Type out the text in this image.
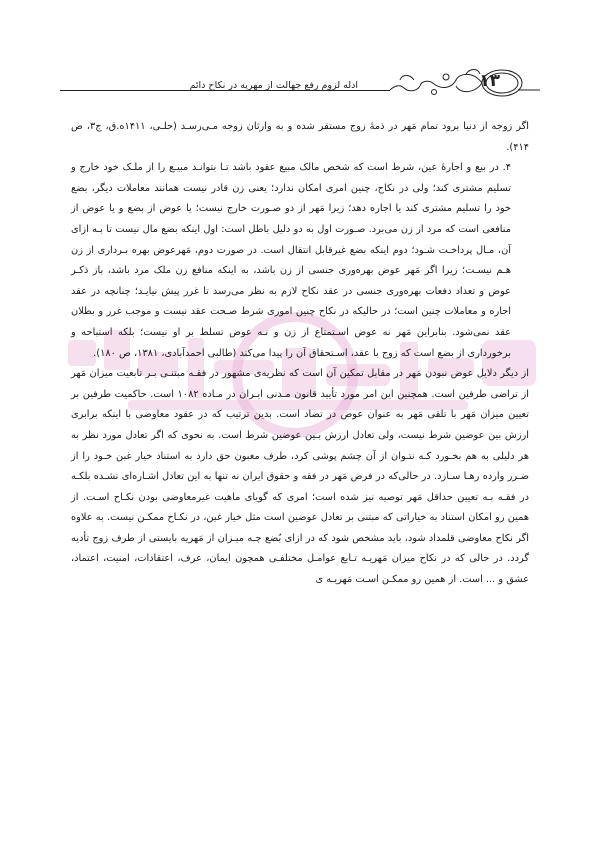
۱۳
ادله لزوم رفع جهالت از مهریه در نکاح دائم

اگر زوجه از دنیا برود تمام مَهر در ذمهٔ زوج مستقر شده و به وارثان زوجه مـی‌رسـد (حلـی، ۱۴۱۱ه.ق، ج۳، ص ۴۱۴).

۴. در بیع و اجارهٔ عین، شرط است که شخص مالک مبیع عقود باشد تـا بتوانـد مبیـع را از ملـک خود خارج و تسلیم مشتری کند؛ ولی در نکاح، چنین امری امکان ندارد؛ یعنی زن قادر نیست همانند معاملات دیگر، بضع خود را تسلیم مشتری کند یا اجاره دهد؛ زیرا مَهر از دو صـورت خارج نیست؛ یا عوض از بضع و یا عوض از منافعی است که مرد از زن می‌برد. صـورت اول به دو دلیل باطل است: اول اینکه بضع مال نیست تا بـه ازای آن، مـال پرداخـت شـود؛ دوم اینکه بضع غیرقابل انتقال است. در صورت دوم، مَهرعوض بهره بـرداری از زن هـم نیسـت؛ زیرا اگر مَهر عوض بهره‌وری جنسی از زن باشد، به اینکه منافع زن ملک مرد باشد، باز ذکـر عوض و تعداد دفعات بهره‌وری جنسی در عقد نکاح لازم به نظر می‌رسد تا غرر پیش نیایـد؛ چنانچه در عقد اجاره و معاملات چنین است؛ در حالیکه در نکاح چنین اموری شرط صـحت عقد نیست و موجب غرر و بطلان عقد نمی‌شود. بنابراین مَهر نه عوض اسـتمتاع از زن و نـه عوض تسلط بر او نیست؛ بلکه استباحه و برخورداری از بضع است که زوج با عقد، اسـتحقاق آن را پیدا می‌کند (طالبی احمدآبادی، ۱۳۸۱، ص ۱۸۰).

از دیگر دلایل عوض نبودن مَهر در مقابل تمکین آن است که نظریه‌ی مشهور در فقـه مبتنـی بـر تابعیت میزان مَهر از تراضی طرفین است. همچنین این امر مورد تأیید قانون مـدنی ایـران در مـاده ۱۰۸۲ است. حاکمیت طرفین بر تعیین میزان مَهر با تلقی مَهر به عنوان عوض در تضاد است. بدین ترتیب که در عقود معاوضی با اینکه برابری ارزش بین عوضین شرط نیست، ولی تعادل ارزش بـین عوضین شرط است. به نحوی که اگر تعادل مورد نظر به هر دلیلی به هم بخـورد کـه نتـوان از آن چشم پوشی کرد، طرف مغبون حق دارد به استناد خیار غبن خـود را از ضـرر وارده رهـا سـازد. در حالی‌که در فرض مَهر در فقه و حقوق ایران نه تنها به این تعادل اشـاره‌ای نشـده بلکـه در فقـه بـه تعیین حداقل مَهر توصیه نیز شده است؛ امری که گویای ماهیت غیرمعاوضی بودن نکـاح اسـت. از همین رو امکان استناد به خیاراتی که مبتنی بر تعادل عوضین است مثل خیار غبن، در نکـاح ممکـن نیست. به علاوه اگر نکاح معاوضی قلمداد شود، باید مشخص شود که در ازای بُضع چـه میـزان از مَهریه بایستی از طرف زوج تأدیه گردد. در حالی که در نکاح میزان مَهریـه تـابع عوامـل مختلفـی همچون ایمان، عرف، اعتقادات، امنیت، اعتماد، عشق و ... است. از همین رو ممکـن اسـت مَهریـه ی
